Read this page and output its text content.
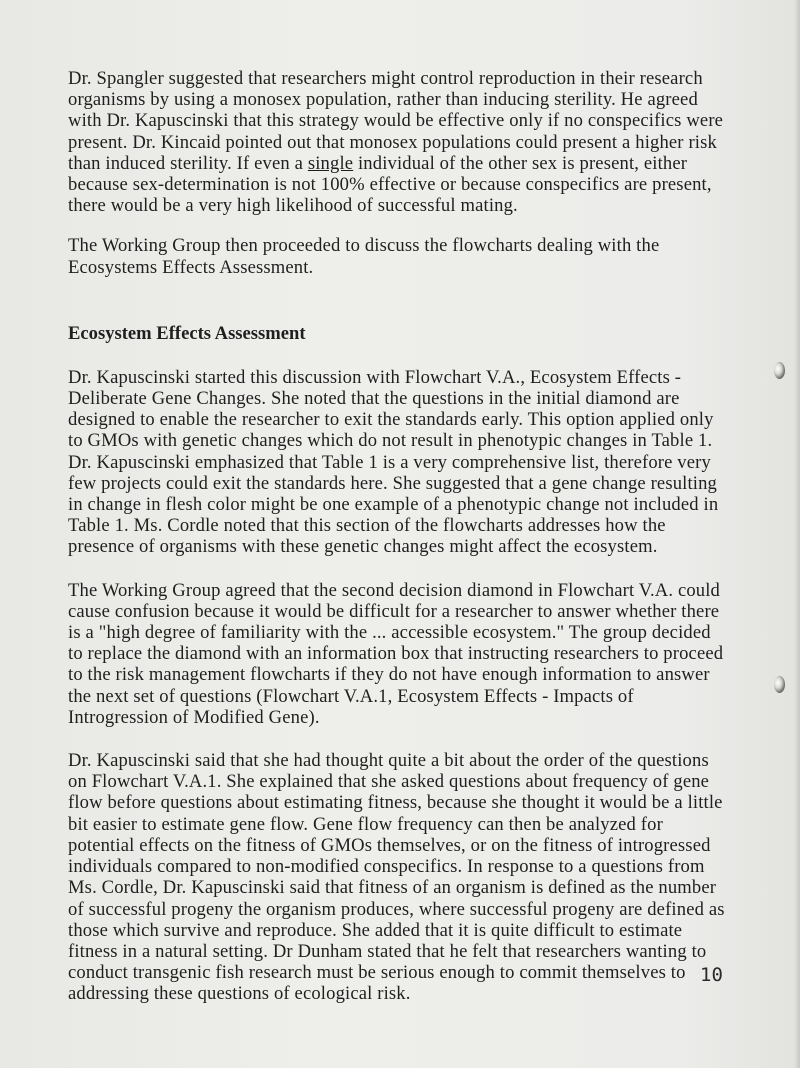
Dr. Spangler suggested that researchers might control reproduction in their research organisms by using a monosex population, rather than inducing sterility. He agreed with Dr. Kapuscinski that this strategy would be effective only if no conspecifics were present. Dr. Kincaid pointed out that monosex populations could present a higher risk than induced sterility. If even a single individual of the other sex is present, either because sex-determination is not 100% effective or because conspecifics are present, there would be a very high likelihood of successful mating.

The Working Group then proceeded to discuss the flowcharts dealing with the Ecosystems Effects Assessment.

Ecosystem Effects Assessment

Dr. Kapuscinski started this discussion with Flowchart V.A., Ecosystem Effects - Deliberate Gene Changes. She noted that the questions in the initial diamond are designed to enable the researcher to exit the standards early. This option applied only to GMOs with genetic changes which do not result in phenotypic changes in Table 1. Dr. Kapuscinski emphasized that Table 1 is a very comprehensive list, therefore very few projects could exit the standards here. She suggested that a gene change resulting in change in flesh color might be one example of a phenotypic change not included in Table 1. Ms. Cordle noted that this section of the flowcharts addresses how the presence of organisms with these genetic changes might affect the ecosystem.

The Working Group agreed that the second decision diamond in Flowchart V.A. could cause confusion because it would be difficult for a researcher to answer whether there is a "high degree of familiarity with the ... accessible ecosystem." The group decided to replace the diamond with an information box that instructing researchers to proceed to the risk management flowcharts if they do not have enough information to answer the next set of questions (Flowchart V.A.1, Ecosystem Effects - Impacts of Introgression of Modified Gene).

Dr. Kapuscinski said that she had thought quite a bit about the order of the questions on Flowchart V.A.1. She explained that she asked questions about frequency of gene flow before questions about estimating fitness, because she thought it would be a little bit easier to estimate gene flow. Gene flow frequency can then be analyzed for potential effects on the fitness of GMOs themselves, or on the fitness of introgressed individuals compared to non-modified conspecifics. In response to a questions from Ms. Cordle, Dr. Kapuscinski said that fitness of an organism is defined as the number of successful progeny the organism produces, where successful progeny are defined as those which survive and reproduce. She added that it is quite difficult to estimate fitness in a natural setting. Dr Dunham stated that he felt that researchers wanting to conduct transgenic fish research must be serious enough to commit themselves to addressing these questions of ecological risk.

10
